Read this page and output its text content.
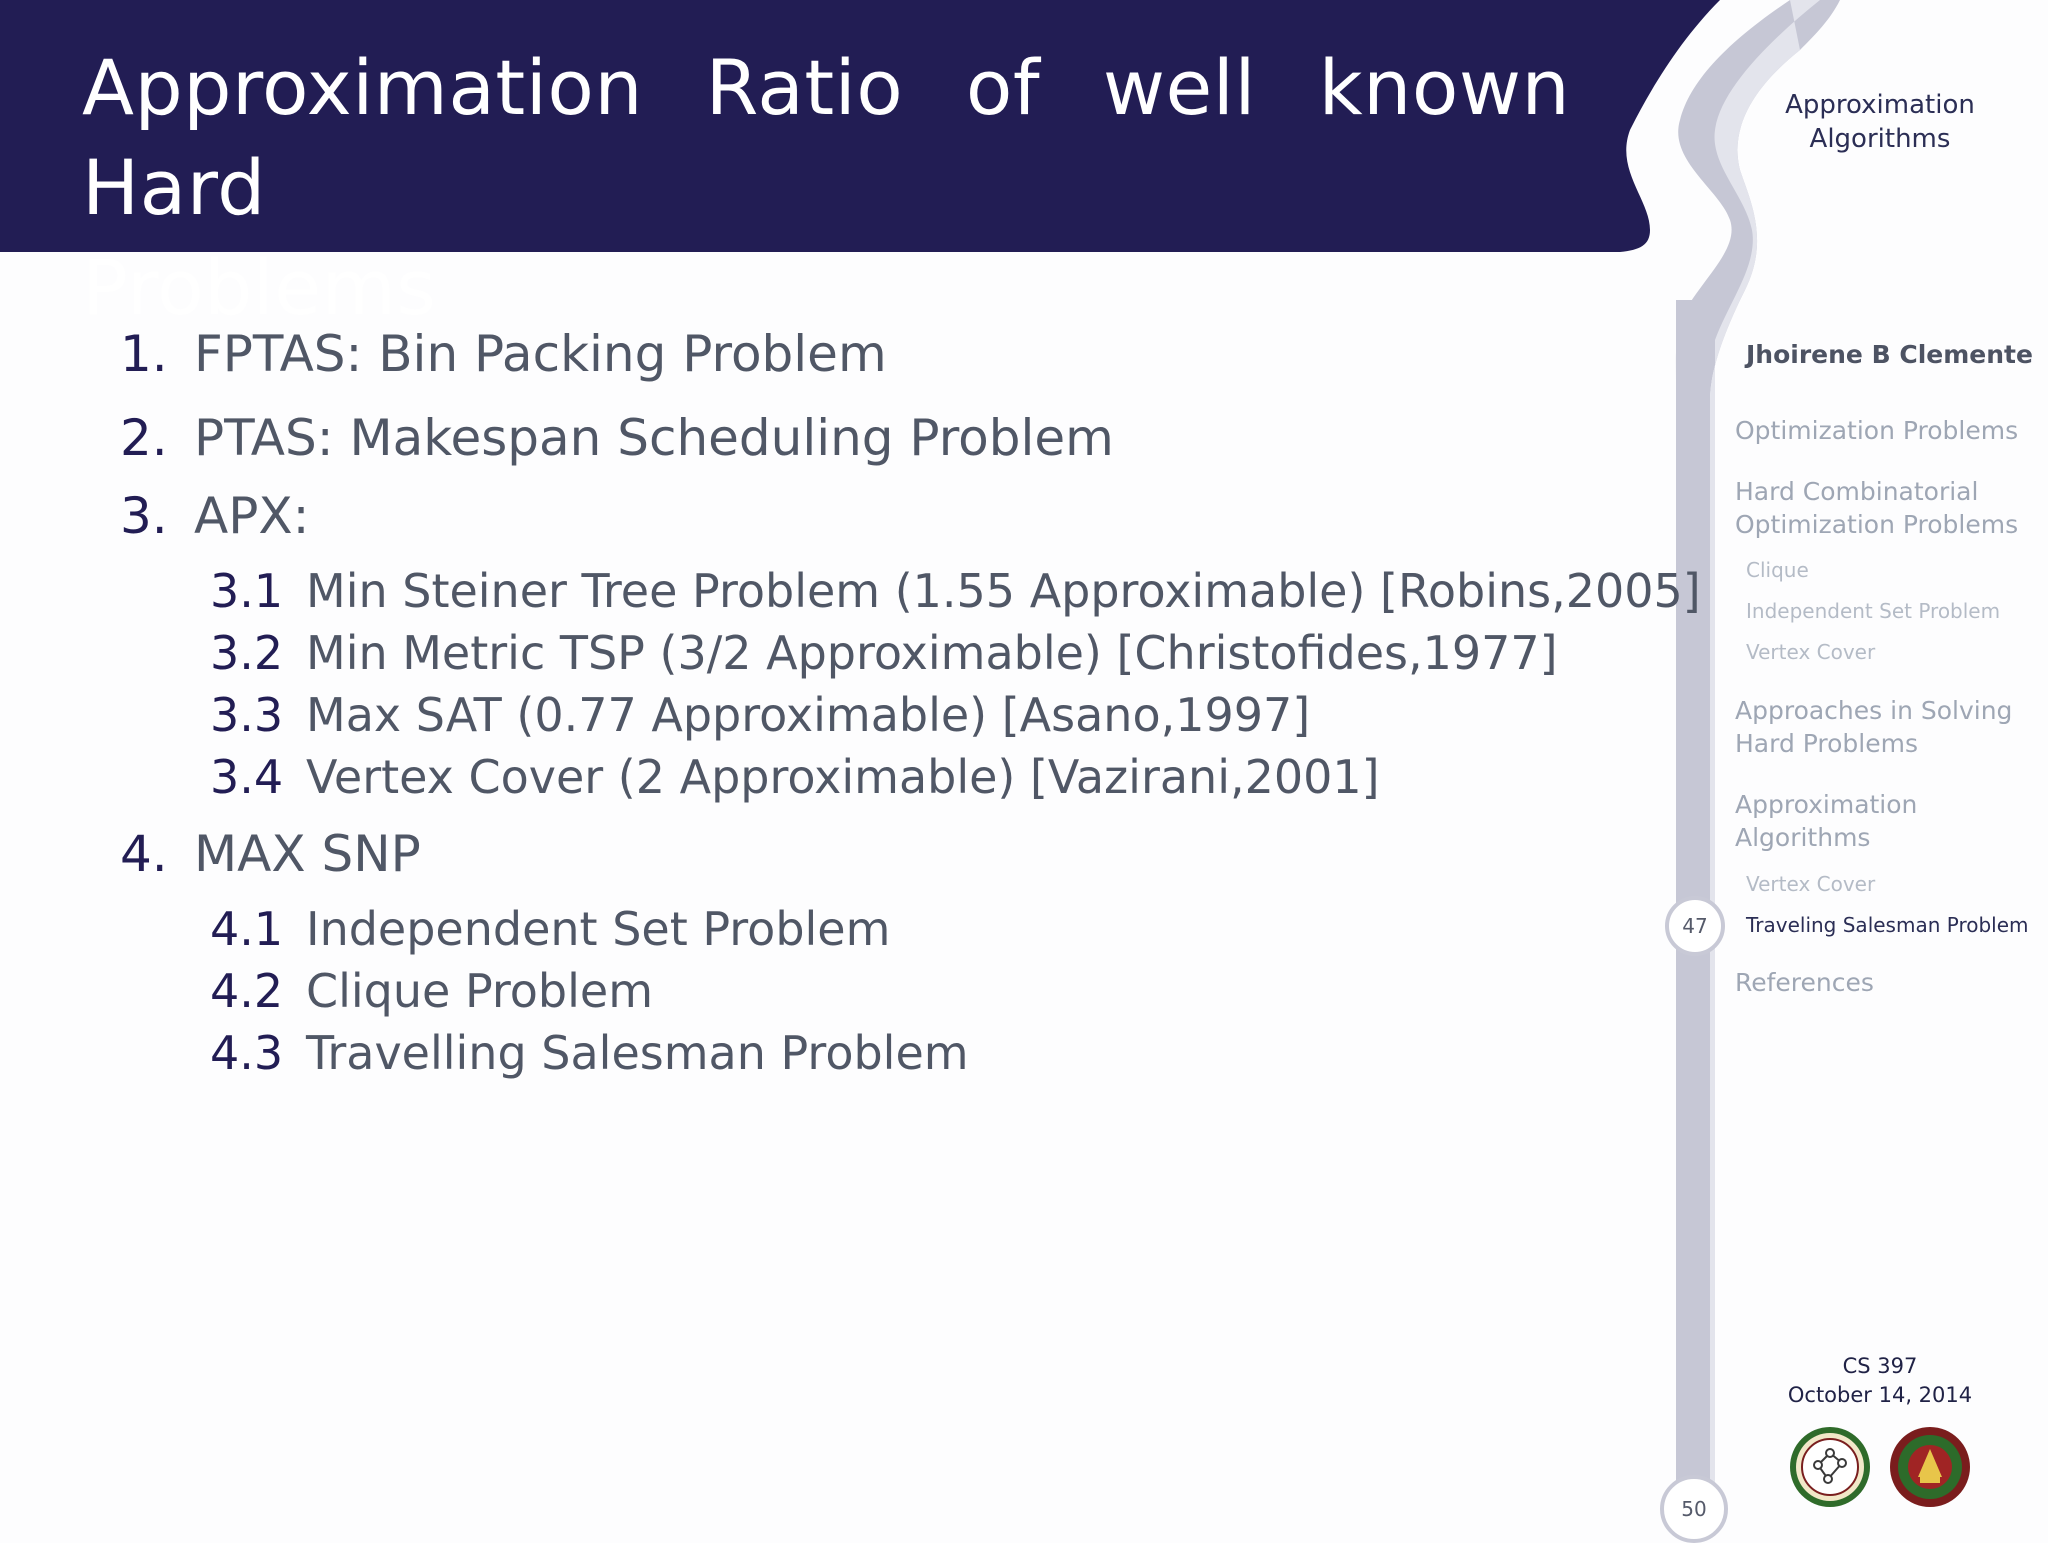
Approximation Ratio of well known Hard
Problems
1. FPTAS: Bin Packing Problem
2. PTAS: Makespan Scheduling Problem
3. APX:
3.1 Min Steiner Tree Problem (1.55 Approximable) [Robins,2005]
3.2 Min Metric TSP (3/2 Approximable) [Christofides,1977]
3.3 Max SAT (0.77 Approximable) [Asano,1997]
3.4 Vertex Cover (2 Approximable) [Vazirani,2001]
4. MAX SNP
4.1 Independent Set Problem
4.2 Clique Problem
4.3 Travelling Salesman Problem
Approximation
Algorithms
Jhoirene B Clemente
Optimization Problems
Hard Combinatorial
Optimization Problems
Clique
Independent Set Problem
Vertex Cover
Approaches in Solving
Hard Problems
Approximation
Algorithms
Vertex Cover
Traveling Salesman Problem
References
47
50
CS 397
October 14, 2014
